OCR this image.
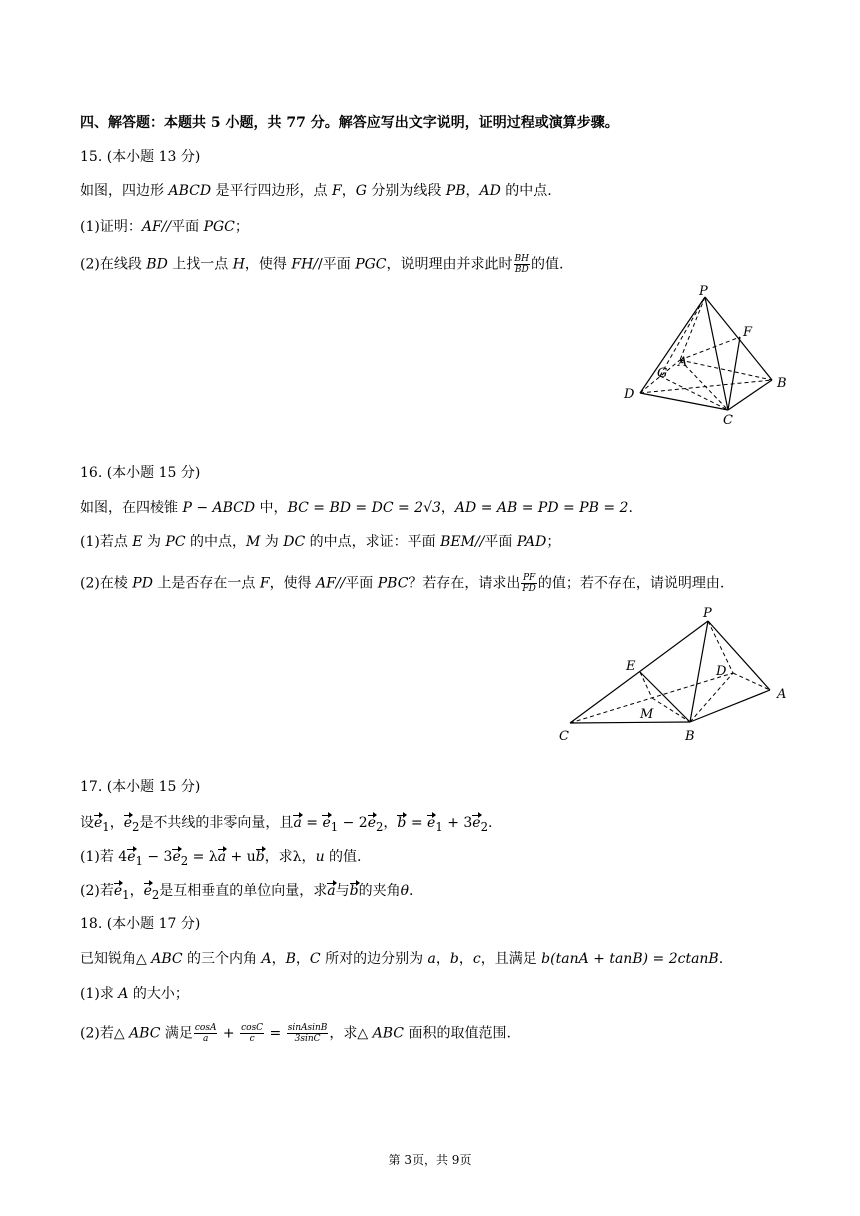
四、解答题：本题共 5 小题，共 77 分。解答应写出文字说明，证明过程或演算步骤。
15. (本小题 13 分)
如图，四边形 ABCD 是平行四边形，点 F，G 分别为线段 PB，AD 的中点.
(1)证明：AF//平面 PGC；
(2)在线段 BD 上找一点 H，使得 FH//平面 PGC，说明理由并求此时 $\frac{BH}{BD}$ 的值.
P
F
A
G
B
D
C
16. (本小题 15 分)
如图，在四棱锥 P − ABCD 中，BC = BD = DC = 2√3，AD = AB = PD = PB = 2.
(1)若点 E 为 PC 的中点，M 为 DC 的中点，求证：平面 BEM//平面 PAD；
(2)在棱 PD 上是否存在一点 F，使得 AF//平面 PBC？若存在，请求出 $\frac{PF}{FD}$ 的值；若不存在，请说明理由.
P
E	D
A
M
C	B
17. (本小题 15 分)
设$e_1$，$e_2$是不共线的非零向量，且$a = e_1 - 2e_2$，$b = e_1 + 3e_2$.
(1)若 $4e_1 - 3e_2 = \lambda a$ + ub，求λ，u 的值.
(2)若$e_1$，$e_2$是互相垂直的单位向量，求a与b的夹角θ.
18. (本小题 17 分)
已知锐角△ ABC 的三个内角 A，B，C 所对的边分别为 a，b，c，且满足 b(tanA + tanB) = 2ctanB.
(1)求 A 的大小；
(2)若△ ABC 满足 $\frac{\cos A}{a} + \frac{\cos C}{c} = \frac{\text{sinAsinB}}{3\sin C}$ ，求△ ABC 面积的取值范围.
第 3页，共 9页
